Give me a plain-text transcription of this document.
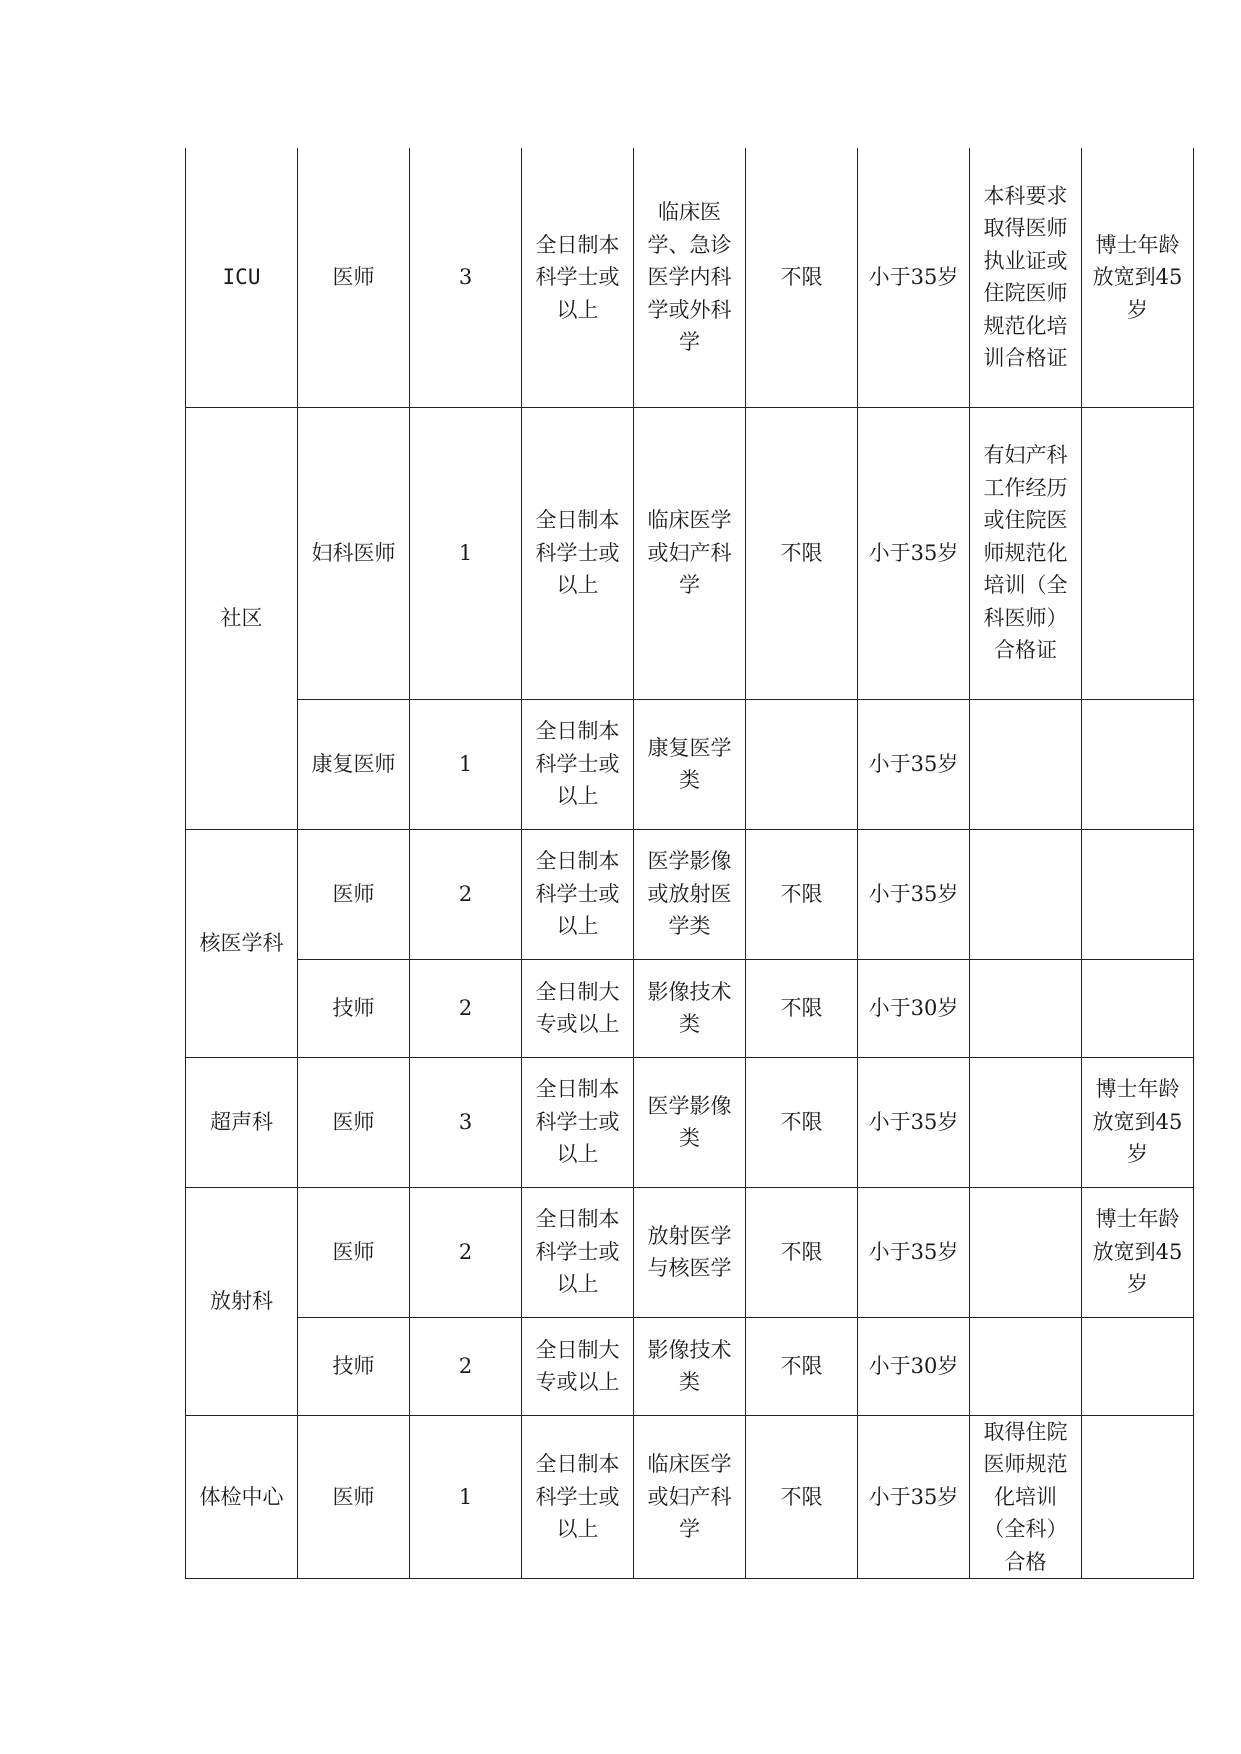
ICU	医师	3	全日制本科学士或以上	临床医学、急诊医学内科学或外科学	不限	小于35岁	本科要求取得医师执业证或住院医师规范化培训合格证	博士年龄放宽到45岁
社区	妇科医师	1	全日制本科学士或以上	临床医学或妇产科学	不限	小于35岁	有妇产科工作经历或住院医师规范化培训（全科医师）合格证	
	康复医师	1	全日制本科学士或以上	康复医学类		小于35岁		
核医学科	医师	2	全日制本科学士或以上	医学影像或放射医学类	不限	小于35岁		
	技师	2	全日制大专或以上	影像技术类	不限	小于30岁		
超声科	医师	3	全日制本科学士或以上	医学影像类	不限	小于35岁		博士年龄放宽到45岁
放射科	医师	2	全日制本科学士或以上	放射医学与核医学	不限	小于35岁		博士年龄放宽到45岁
	技师	2	全日制大专或以上	影像技术类	不限	小于30岁		
体检中心	医师	1	全日制本科学士或以上	临床医学或妇产科学	不限	小于35岁	取得住院医师规范化培训（全科）合格	
